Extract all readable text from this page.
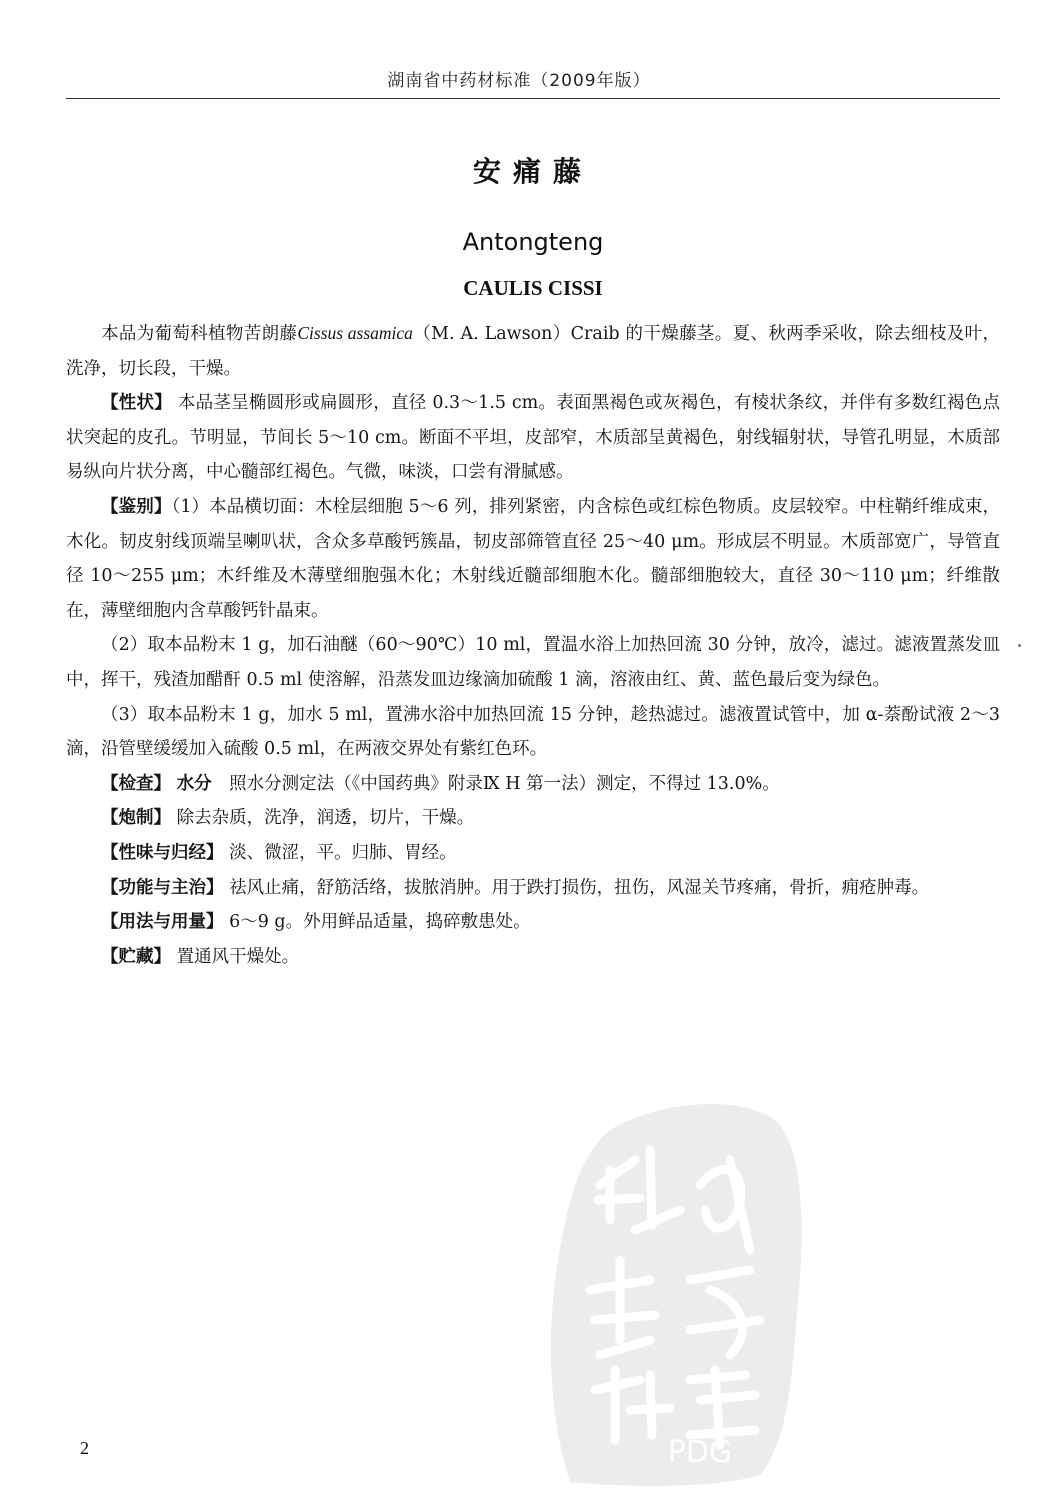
湖南省中药材标准（2009年版）
安痛藤
Antongteng
CAULIS CISSI

本品为葡萄科植物苦朗藤Cissus assamica（M. A. Lawson）Craib 的干燥藤茎。夏、秋两季采收，除去细枝及叶，洗净，切长段，干燥。

【性状】 本品茎呈椭圆形或扁圆形，直径 0.3～1.5 cm。表面黑褐色或灰褐色，有棱状条纹，并伴有多数红褐色点状突起的皮孔。节明显，节间长 5～10 cm。断面不平坦，皮部窄，木质部呈黄褐色，射线辐射状，导管孔明显，木质部易纵向片状分离，中心髓部红褐色。气微，味淡，口尝有滑腻感。

【鉴别】（1）本品横切面：木栓层细胞 5～6 列，排列紧密，内含棕色或红棕色物质。皮层较窄。中柱鞘纤维成束，木化。韧皮射线顶端呈喇叭状，含众多草酸钙簇晶，韧皮部筛管直径 25～40 μm。形成层不明显。木质部宽广，导管直径 10～255 μm；木纤维及木薄壁细胞强木化；木射线近髓部细胞木化。髓部细胞较大，直径 30～110 μm；纤维散在，薄壁细胞内含草酸钙针晶束。

（2）取本品粉末 1 g，加石油醚（60～90℃）10 ml，置温水浴上加热回流 30 分钟，放冷，滤过。滤液置蒸发皿中，挥干，残渣加醋酐 0.5 ml 使溶解，沿蒸发皿边缘滴加硫酸 1 滴，溶液由红、黄、蓝色最后变为绿色。

（3）取本品粉末 1 g，加水 5 ml，置沸水浴中加热回流 15 分钟，趁热滤过。滤液置试管中，加 α-萘酚试液 2～3 滴，沿管壁缓缓加入硫酸 0.5 ml，在两液交界处有紫红色环。

【检查】 水分　 照水分测定法（《中国药典》附录Ⅸ H 第一法）测定，不得过 13.0%。

【炮制】 除去杂质，洗净，润透，切片，干燥。

【性味与归经】 淡、微涩，平。归肺、胃经。

【功能与主治】 祛风止痛，舒筋活络，拔脓消肿。用于跌打损伤，扭伤，风湿关节疼痛，骨折，痈疮肿毒。

【用法与用量】 6～9 g。外用鲜品适量，捣碎敷患处。

【贮藏】 置通风干燥处。

PDG
2
